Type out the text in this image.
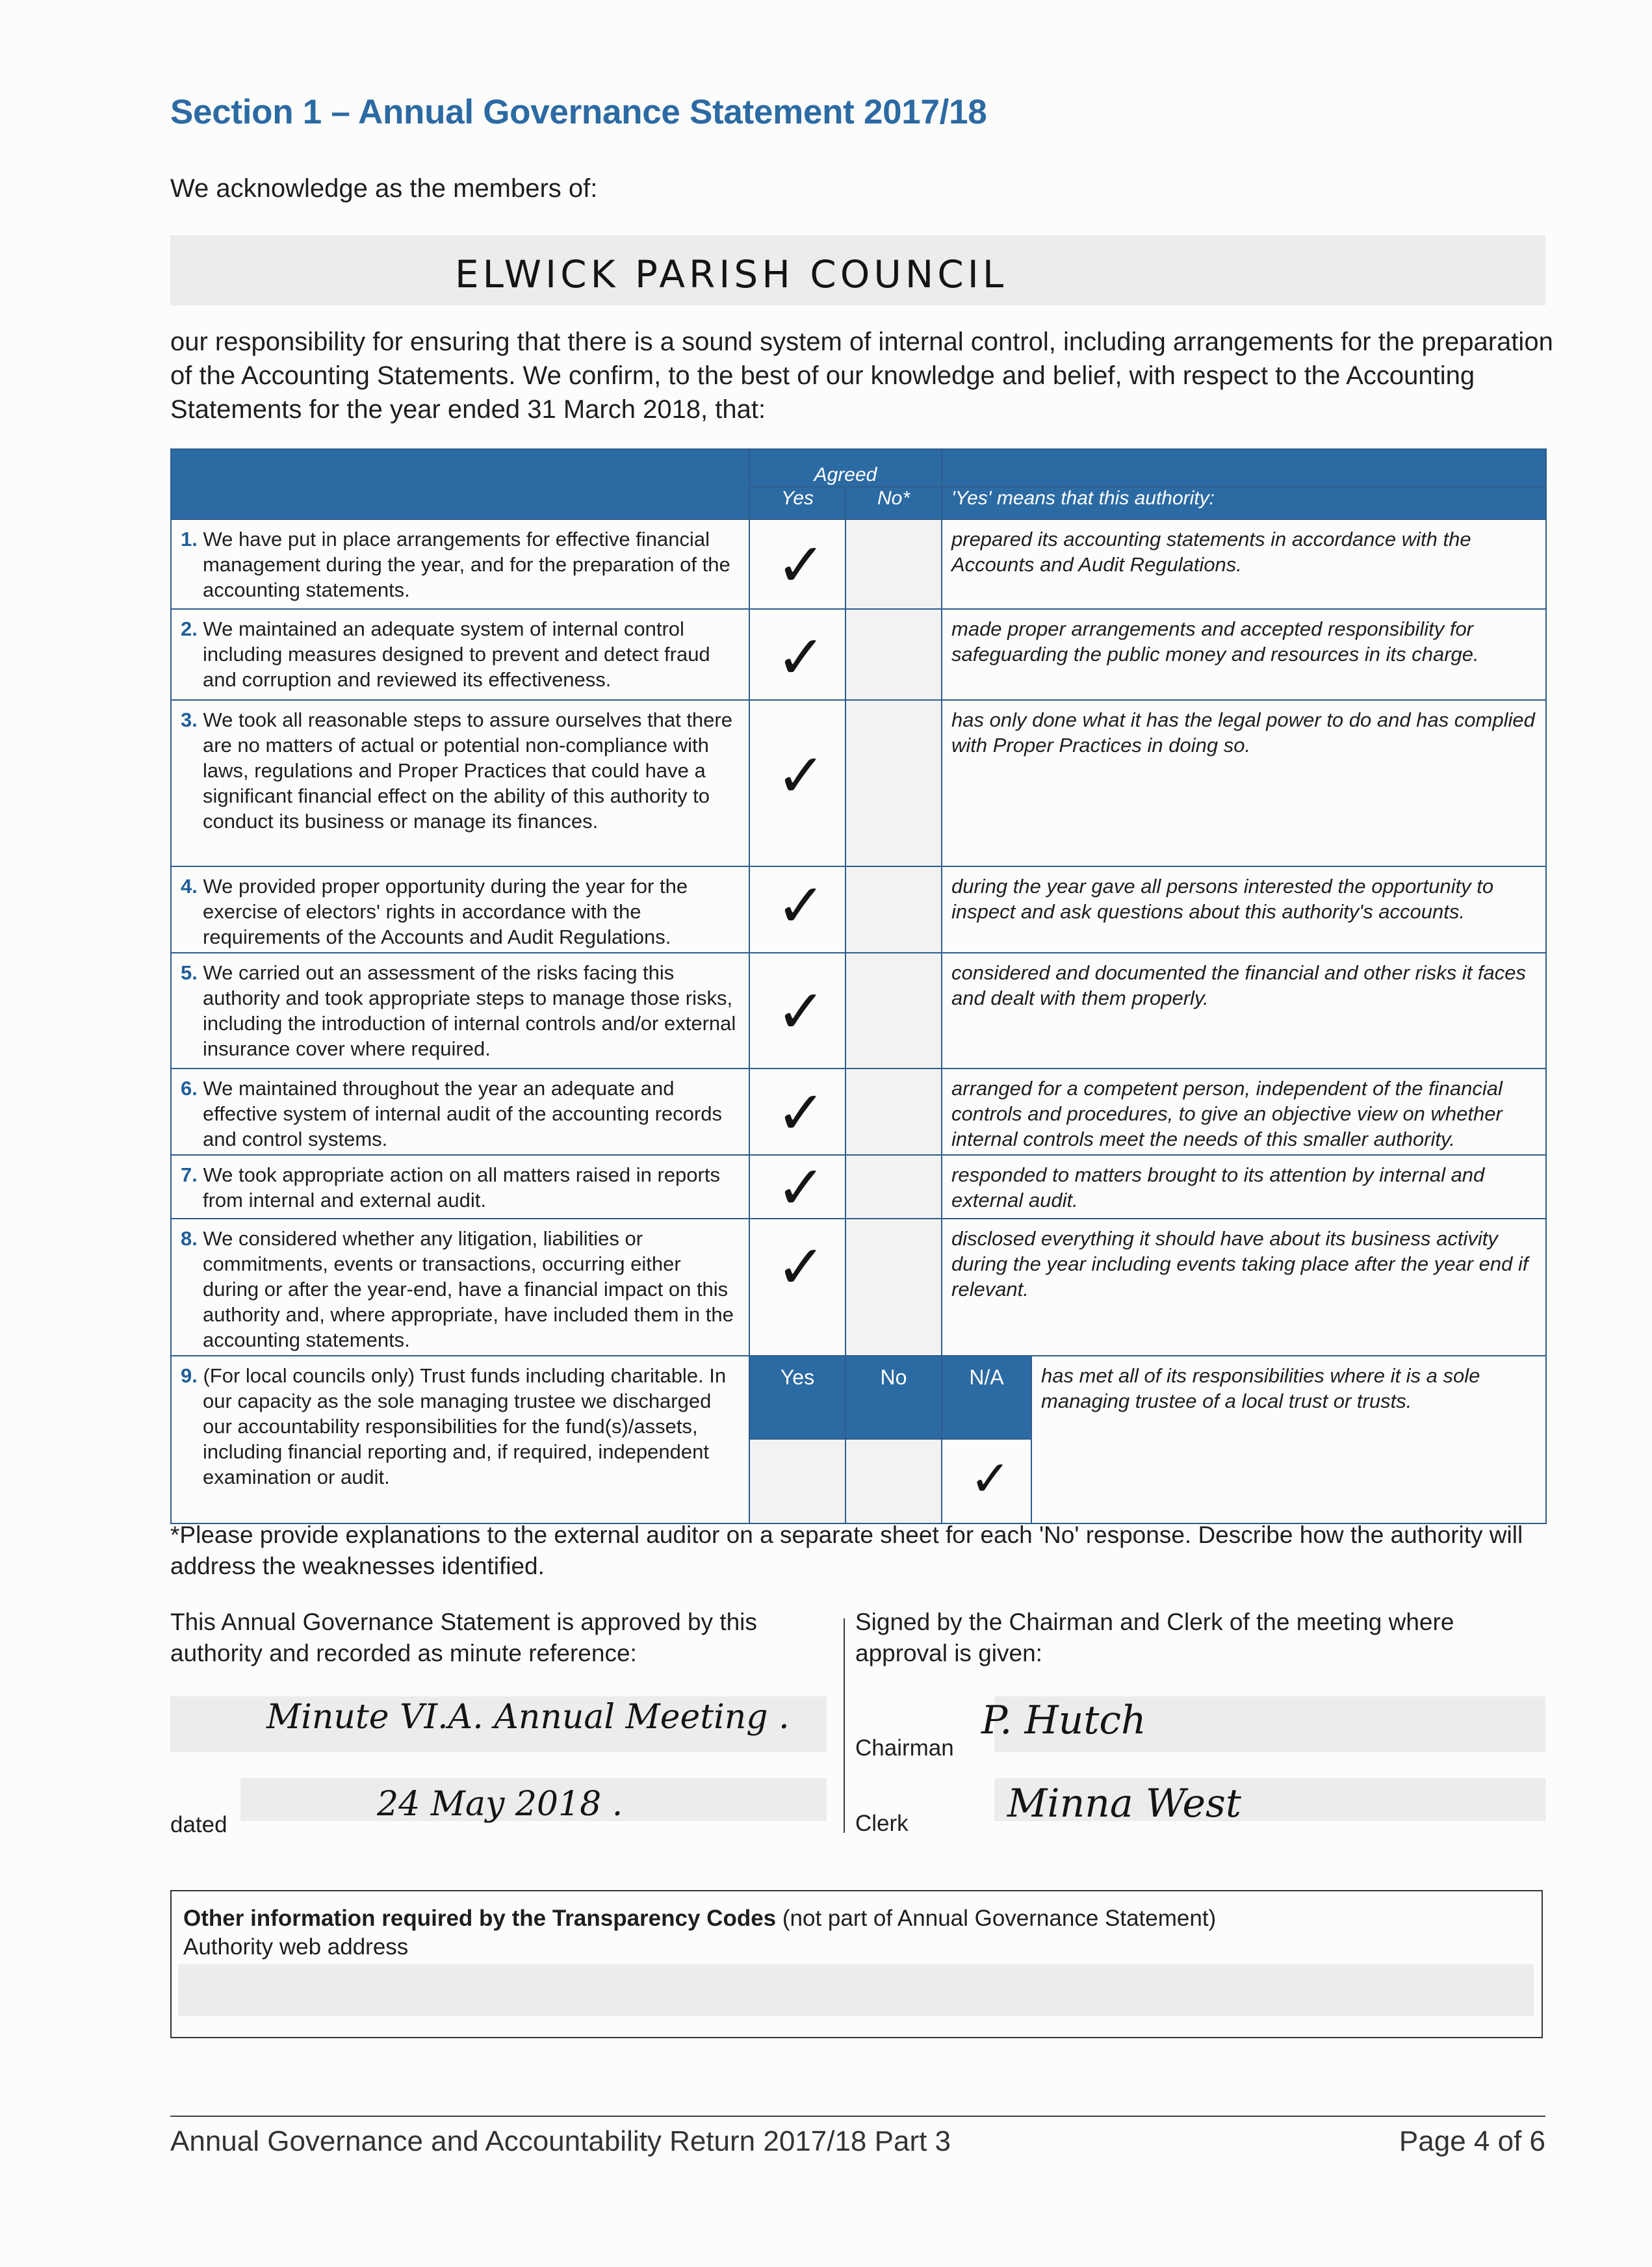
Section 1 – Annual Governance Statement 2017/18
We acknowledge as the members of:
ELWICK PARISH COUNCIL
our responsibility for ensuring that there is a sound system of internal control, including arrangements for the preparation of the Accounting Statements. We confirm, to the best of our knowledge and belief, with respect to the Accounting Statements for the year ended 31 March 2018, that:
	Agreed			
	Yes	No*	'Yes' means that this authority:	

1. We have put in place arrangements for effective financial management during the year, and for the preparation of the accounting statements.	✓		prepared its accounting statements in accordance with the Accounts and Audit Regulations.	

2. We maintained an adequate system of internal control including measures designed to prevent and detect fraud and corruption and reviewed its effectiveness.	✓		made proper arrangements and accepted responsibility for safeguarding the public money and resources in its charge.	

3. We took all reasonable steps to assure ourselves that there are no matters of actual or potential non-compliance with laws, regulations and Proper Practices that could have a significant financial effect on the ability of this authority to conduct its business or manage its finances.	✓		has only done what it has the legal power to do and has complied with Proper Practices in doing so.	

4. We provided proper opportunity during the year for the exercise of electors' rights in accordance with the requirements of the Accounts and Audit Regulations.	✓		during the year gave all persons interested the opportunity to inspect and ask questions about this authority's accounts.	

5. We carried out an assessment of the risks facing this authority and took appropriate steps to manage those risks, including the introduction of internal controls and/or external insurance cover where required.	✓		considered and documented the financial and other risks it faces and dealt with them properly.	

6. We maintained throughout the year an adequate and effective system of internal audit of the accounting records and control systems.	✓		arranged for a competent person, independent of the financial controls and procedures, to give an objective view on whether internal controls meet the needs of this smaller authority.	

7. We took appropriate action on all matters raised in reports from internal and external audit.	✓		responded to matters brought to its attention by internal and external audit.	

8. We considered whether any litigation, liabilities or commitments, events or transactions, occurring either during or after the year-end, have a financial impact on this authority and, where appropriate, have included them in the accounting statements.	✓		disclosed everything it should have about its business activity during the year including events taking place after the year end if relevant.	

9. (For local councils only) Trust funds including charitable. In our capacity as the sole managing trustee we discharged our accountability responsibilities for the fund(s)/assets, including financial reporting and, if required, independent examination or audit.	Yes	No	N/A	has met all of its responsibilities where it is a sole managing trustee of a local trust or trusts.

			✓	
*Please provide explanations to the external auditor on a separate sheet for each 'No' response. Describe how the authority will address the weaknesses identified.
This Annual Governance Statement is approved by this authority and recorded as minute reference:
Signed by the Chairman and Clerk of the meeting where approval is given:
Minute VI.A. Annual Meeting .
dated
24 May 2018 .
Chairman
P. Hutch
Clerk	Minna West
Other information required by the Transparency Codes (not part of Annual Governance Statement)
Authority web address
Annual Governance and Accountability Return 2017/18 Part 3	Page 4 of 6
